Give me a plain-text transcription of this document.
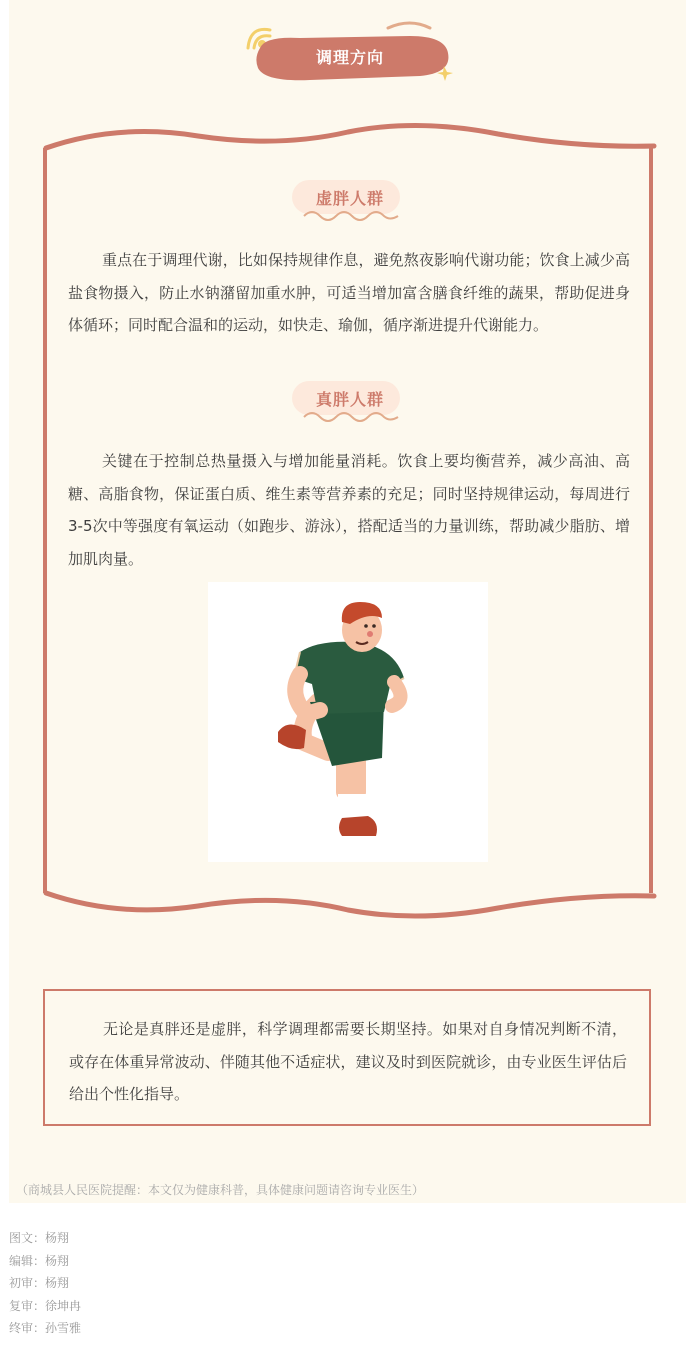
调理方向
虚胖人群
重点在于调理代谢，比如保持规律作息，避免熬夜影响代谢功能；饮食上减少高盐食物摄入，防止水钠潴留加重水肿，可适当增加富含膳食纤维的蔬果，帮助促进身体循环；同时配合温和的运动，如快走、瑜伽，循序渐进提升代谢能力。
真胖人群
关键在于控制总热量摄入与增加能量消耗。饮食上要均衡营养，减少高油、高糖、高脂食物，保证蛋白质、维生素等营养素的充足；同时坚持规律运动，每周进行3-5次中等强度有氧运动（如跑步、游泳），搭配适当的力量训练，帮助减少脂肪、增加肌肉量。
无论是真胖还是虚胖，科学调理都需要长期坚持。如果对自身情况判断不清，或存在体重异常波动、伴随其他不适症状，建议及时到医院就诊，由专业医生评估后给出个性化指导。
（商城县人民医院提醒：本文仅为健康科普，具体健康问题请咨询专业医生）
图文：杨翔
编辑：杨翔
初审：杨翔
复审：徐坤冉
终审：孙雪雅
